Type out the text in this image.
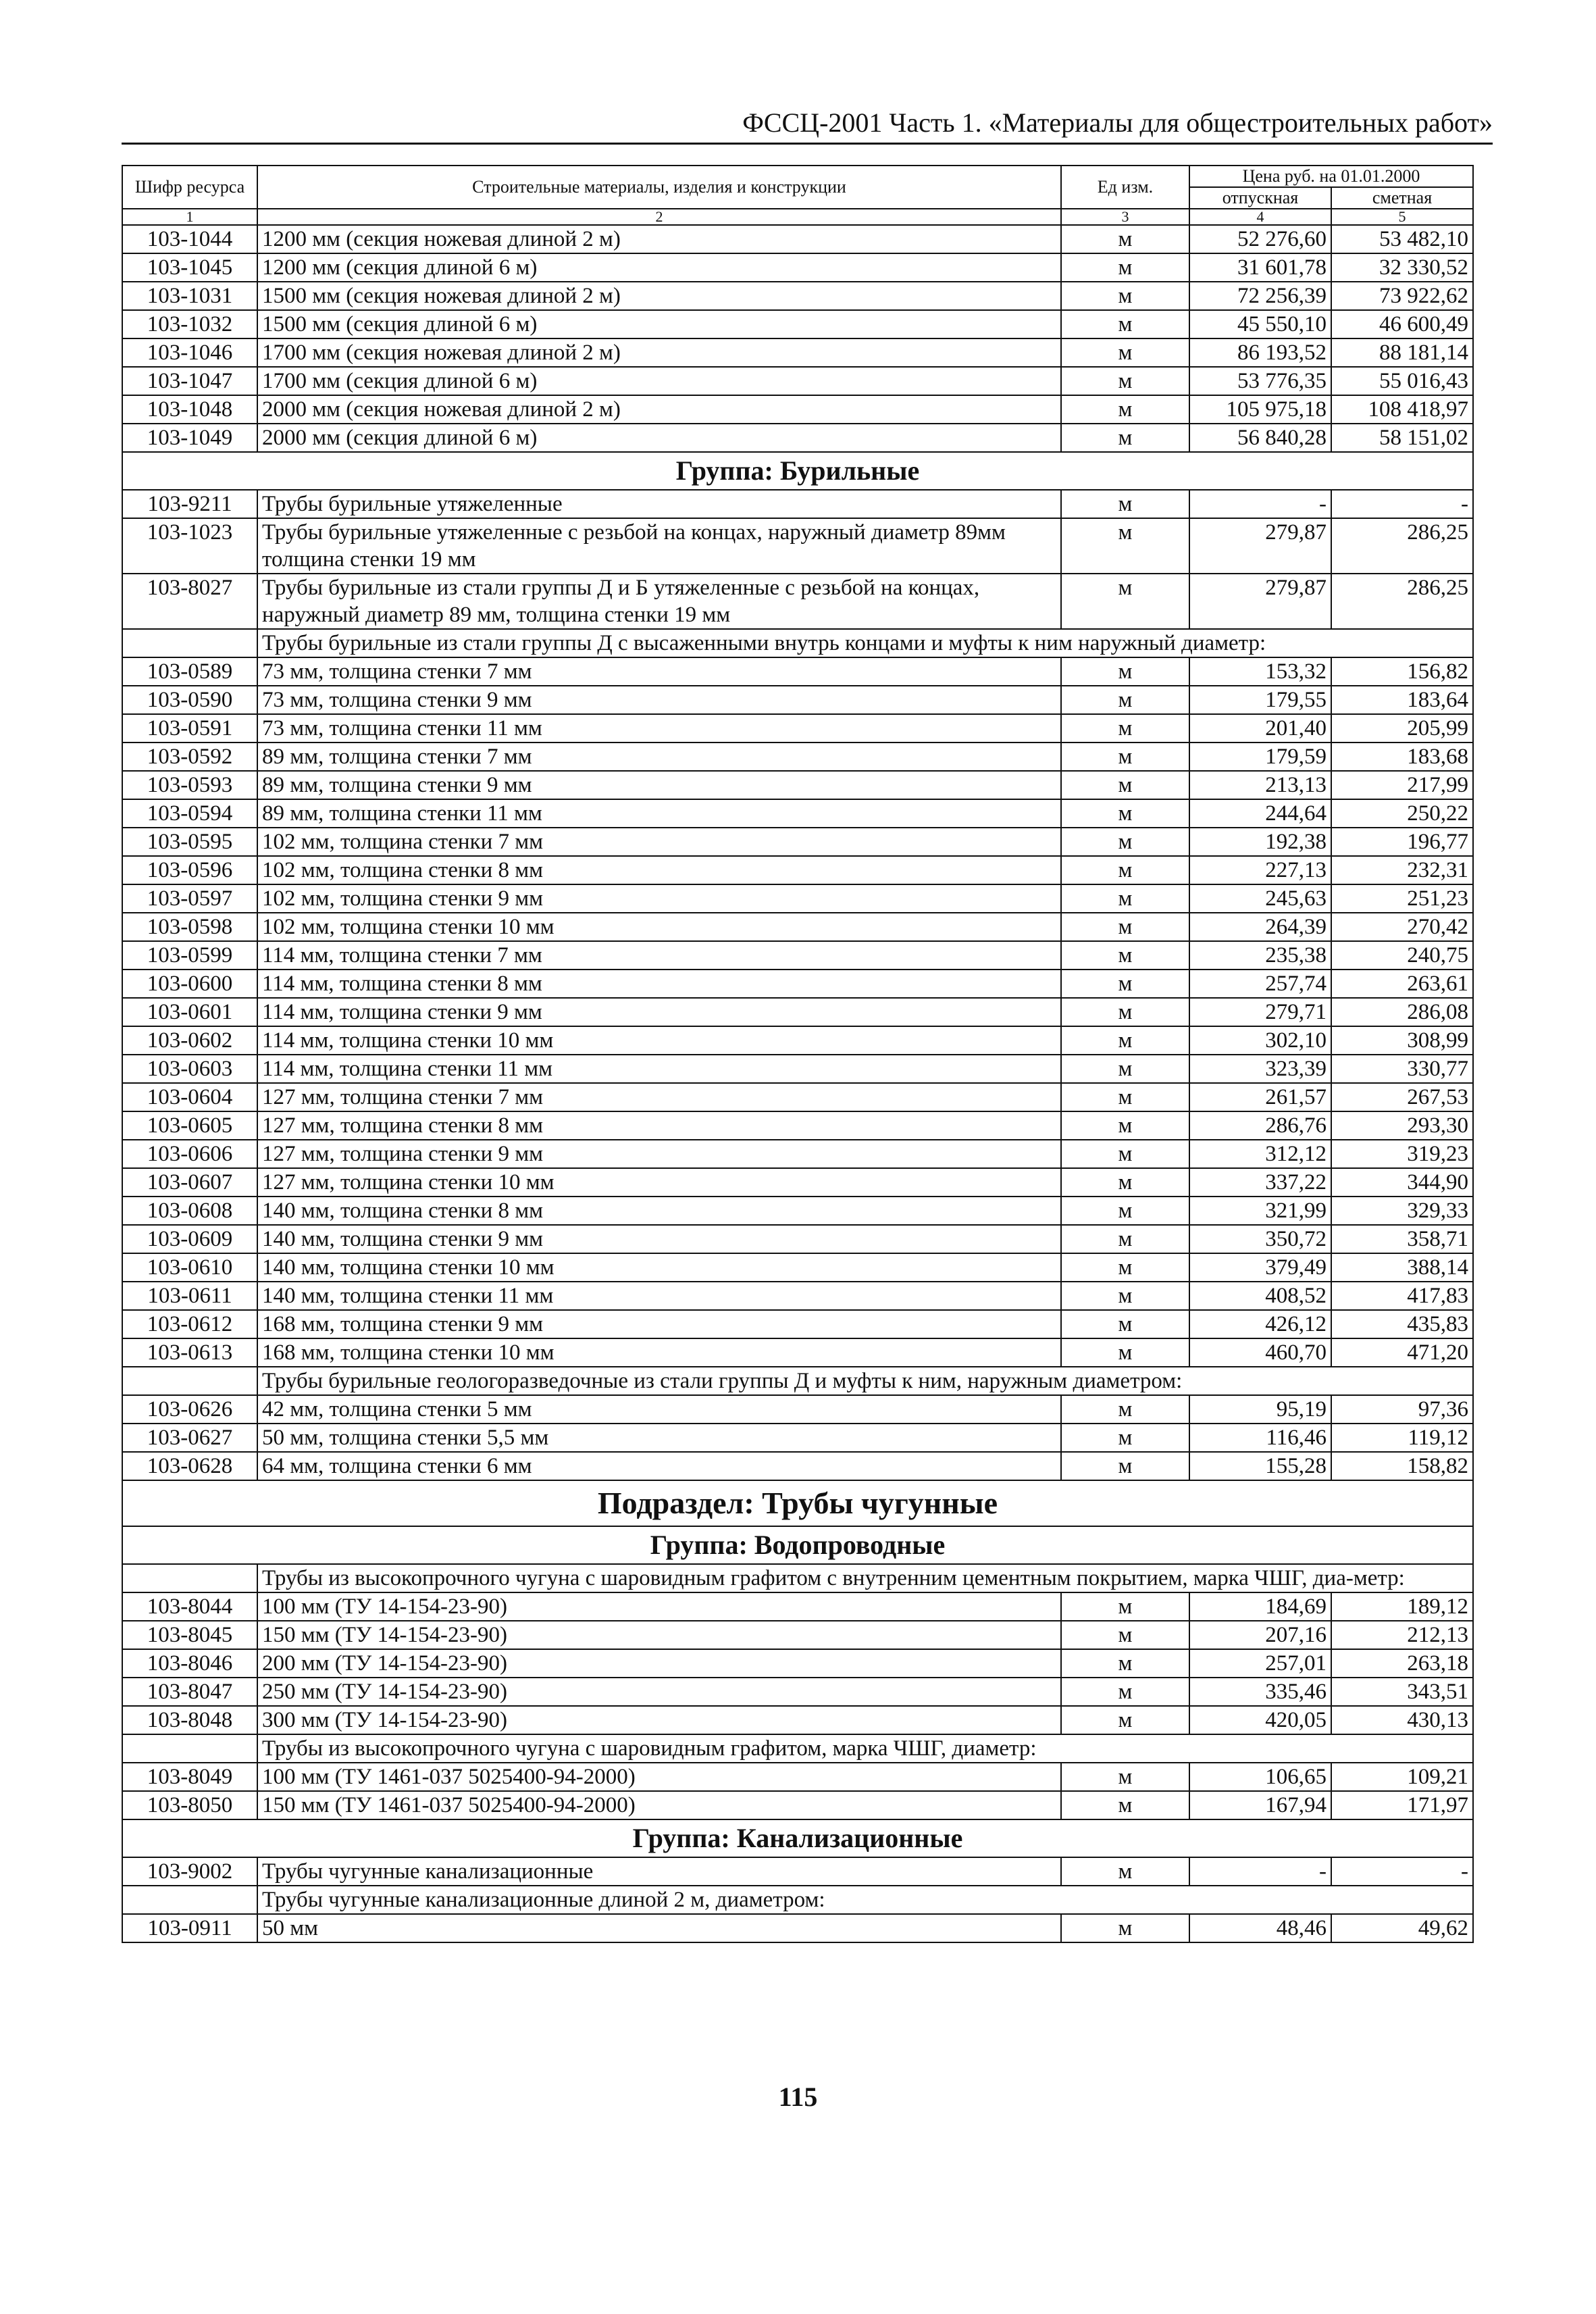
ФССЦ-2001 Часть 1. «Материалы для общестроительных работ»
Шифр ресурса	Строительные материалы, изделия и конструкции	Ед изм.	Цена руб. на 01.01.2000	
			отпускная	сметная
1	2	3	4	5
103-1044	1200 мм (секция ножевая длиной 2 м)	м	52 276,60	53 482,10
103-1045	1200 мм (секция длиной 6 м)	м	31 601,78	32 330,52
103-1031	1500 мм (секция ножевая длиной 2 м)	м	72 256,39	73 922,62
103-1032	1500 мм (секция длиной 6 м)	м	45 550,10	46 600,49
103-1046	1700 мм (секция ножевая длиной 2 м)	м	86 193,52	88 181,14
103-1047	1700 мм (секция длиной 6 м)	м	53 776,35	55 016,43
103-1048	2000 мм (секция ножевая длиной 2 м)	м	105 975,18	108 418,97
103-1049	2000 мм (секция длиной 6 м)	м	56 840,28	58 151,02
Группа: Бурильные				
103-9211	Трубы бурильные утяжеленные	м	-	-
103-1023	Трубы бурильные утяжеленные с резьбой на концах, наружный диаметр 89мм толщина стенки 19 мм	м	279,87	286,25
103-8027	Трубы бурильные из стали группы Д и Б утяжеленные с резьбой на концах, наружный диаметр 89 мм, толщина стенки 19 мм	м	279,87	286,25
	Трубы бурильные из стали группы Д с высаженными внутрь концами и муфты к ним наружный диаметр:			
103-0589	73 мм, толщина стенки 7 мм	м	153,32	156,82
103-0590	73 мм, толщина стенки 9 мм	м	179,55	183,64
103-0591	73 мм, толщина стенки 11 мм	м	201,40	205,99
103-0592	89 мм, толщина стенки 7 мм	м	179,59	183,68
103-0593	89 мм, толщина стенки 9 мм	м	213,13	217,99
103-0594	89 мм, толщина стенки 11 мм	м	244,64	250,22
103-0595	102 мм, толщина стенки 7 мм	м	192,38	196,77
103-0596	102 мм, толщина стенки 8 мм	м	227,13	232,31
103-0597	102 мм, толщина стенки 9 мм	м	245,63	251,23
103-0598	102 мм, толщина стенки 10 мм	м	264,39	270,42
103-0599	114 мм, толщина стенки 7 мм	м	235,38	240,75
103-0600	114 мм, толщина стенки 8 мм	м	257,74	263,61
103-0601	114 мм, толщина стенки 9 мм	м	279,71	286,08
103-0602	114 мм, толщина стенки 10 мм	м	302,10	308,99
103-0603	114 мм, толщина стенки 11 мм	м	323,39	330,77
103-0604	127 мм, толщина стенки 7 мм	м	261,57	267,53
103-0605	127 мм, толщина стенки 8 мм	м	286,76	293,30
103-0606	127 мм, толщина стенки 9 мм	м	312,12	319,23
103-0607	127 мм, толщина стенки 10 мм	м	337,22	344,90
103-0608	140 мм, толщина стенки 8 мм	м	321,99	329,33
103-0609	140 мм, толщина стенки 9 мм	м	350,72	358,71
103-0610	140 мм, толщина стенки 10 мм	м	379,49	388,14
103-0611	140 мм, толщина стенки 11 мм	м	408,52	417,83
103-0612	168 мм, толщина стенки 9 мм	м	426,12	435,83
103-0613	168 мм, толщина стенки 10 мм	м	460,70	471,20
	Трубы бурильные геологоразведочные из стали группы Д и муфты к ним, наружным диаметром:			
103-0626	42 мм, толщина стенки 5 мм	м	95,19	97,36
103-0627	50 мм, толщина стенки 5,5 мм	м	116,46	119,12
103-0628	64 мм, толщина стенки 6 мм	м	155,28	158,82
Подраздел: Трубы чугунные				
Группа: Водопроводные				
	Трубы из высокопрочного чугуна с шаровидным графитом с внутренним цементным покрытием, марка ЧШГ, диа-метр:			
103-8044	100 мм (ТУ 14-154-23-90)	м	184,69	189,12
103-8045	150 мм (ТУ 14-154-23-90)	м	207,16	212,13
103-8046	200 мм (ТУ 14-154-23-90)	м	257,01	263,18
103-8047	250 мм (ТУ 14-154-23-90)	м	335,46	343,51
103-8048	300 мм (ТУ 14-154-23-90)	м	420,05	430,13
	Трубы из высокопрочного чугуна с шаровидным графитом, марка ЧШГ, диаметр:			
103-8049	100 мм (ТУ 1461-037 5025400-94-2000)	м	106,65	109,21
103-8050	150 мм (ТУ 1461-037 5025400-94-2000)	м	167,94	171,97
Группа: Канализационные				
103-9002	Трубы чугунные канализационные	м	-	-
	Трубы чугунные канализационные длиной 2 м, диаметром:			
103-0911	50 мм	м	48,46	49,62
115
